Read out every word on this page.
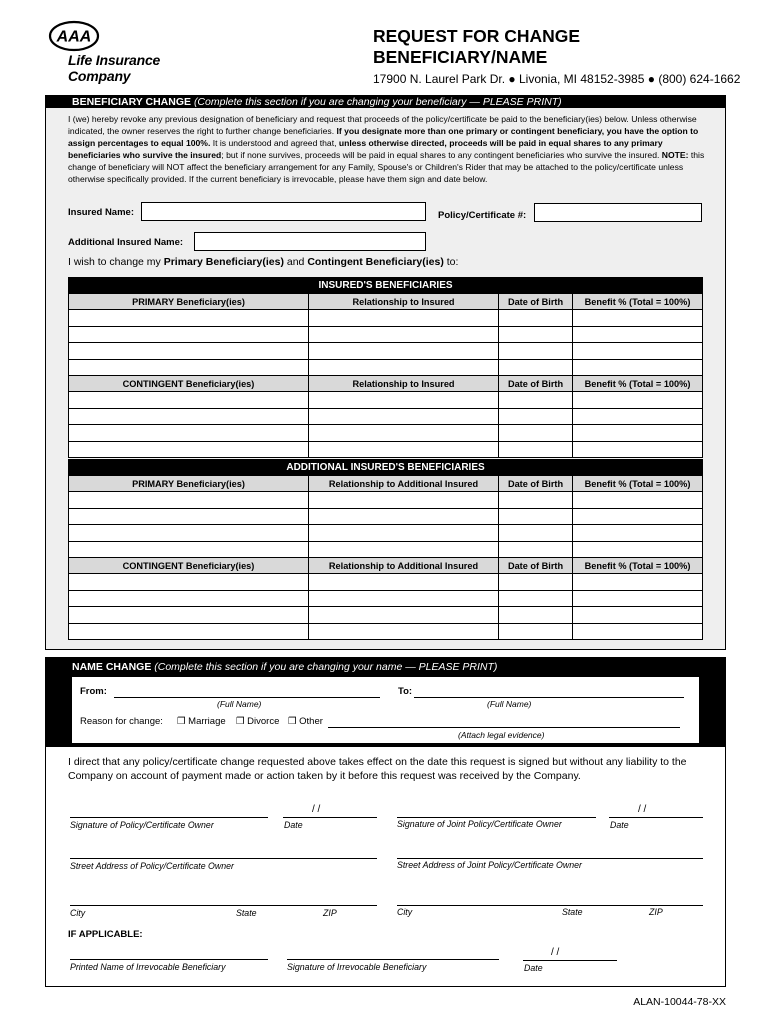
AAA
Life Insurance
Company
REQUEST FOR CHANGE
BENEFICIARY/NAME
17900 N. Laurel Park Dr. ● Livonia, MI 48152-3985 ● (800) 624-1662
BENEFICIARY CHANGE (Complete this section if you are changing your beneficiary — PLEASE PRINT)
I (we) hereby revoke any previous designation of beneficiary and request that proceeds of the policy/certificate be paid to the beneficiary(ies) below. Unless otherwise indicated, the owner reserves the right to further change beneficiaries. If you designate more than one primary or contingent beneficiary, you have the option to assign percentages to equal 100%. It is understood and agreed that, unless otherwise directed, proceeds will be paid in equal shares to any primary beneficiaries who survive the insured; but if none survives, proceeds will be paid in equal shares to any contingent beneficiaries who survive the insured. NOTE: this change of beneficiary will NOT affect the beneficiary arrangement for any Family, Spouse's or Children's Rider that may be attached to the policy/certificate unless otherwise specifically provided. If the current beneficiary is irrevocable, please have them sign and date below.
Insured Name:	Policy/Certificate #:
Additional Insured Name:
I wish to change my Primary Beneficiary(ies) and Contingent Beneficiary(ies) to:
INSURED'S BENEFICIARIES			
PRIMARY Beneficiary(ies)	Relationship to Insured	Date of Birth	Benefit % (Total = 100%)

CONTINGENT Beneficiary(ies)	Relationship to Insured	Date of Birth	Benefit % (Total = 100%)

ADDITIONAL INSURED'S BENEFICIARIES			
PRIMARY Beneficiary(ies)	Relationship to Additional Insured	Date of Birth	Benefit % (Total = 100%)

CONTINGENT Beneficiary(ies)	Relationship to Additional Insured	Date of Birth	Benefit % (Total = 100%)

NAME CHANGE (Complete this section if you are changing your name — PLEASE PRINT)
From:
(Full Name)
To:
(Full Name)
Reason for change: ❒ Marriage ❒ Divorce ❒ Other
(Attach legal evidence)
I direct that any policy/certificate change requested above takes effect on the date this request is signed but without any liability to the Company on account of payment made or action taken by it before this request was received by the Company.
Signature of Policy/Certificate Owner
/ /
Date	Signature of Joint Policy/Certificate Owner
/ /
Date
Street Address of Policy/Certificate Owner	Street Address of Joint Policy/Certificate Owner
City	State	ZIP	City	State	ZIP
IF APPLICABLE:
Printed Name of Irrevocable Beneficiary	Signature of Irrevocable Beneficiary
/ /
Date
ALAN-10044-78-XX
